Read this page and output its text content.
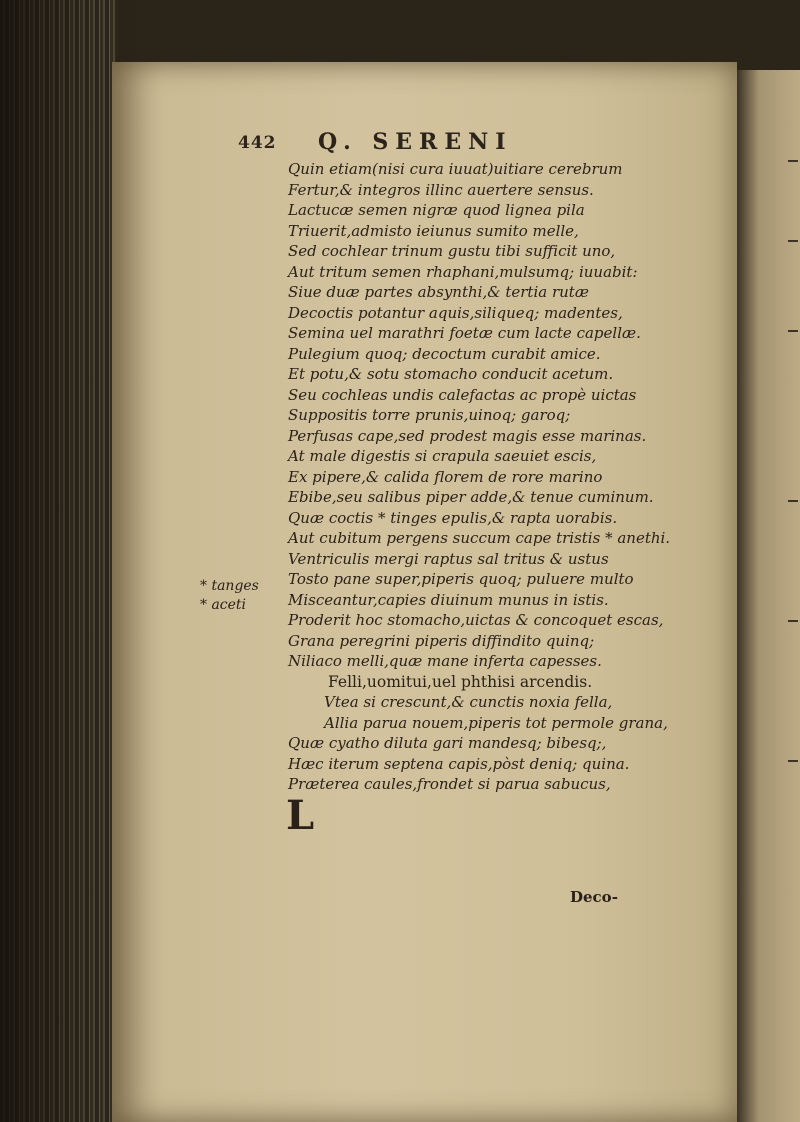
442 Q. SERENI
* tanges
* aceti
Quin etiam(nisi cura iuuat)uitiare cerebrum
Fertur,& integros illinc auertere sensus.
Lactucæ semen nigræ quod lignea pila
Triuerit,admisto ieiunus sumito melle,
Sed cochlear trinum gustu tibi sufficit uno,
Aut tritum semen rhaphani,mulsumq; iuuabit:
Siue duæ partes absynthi,& tertia rutæ
Decoctis potantur aquis,siliqueq; madentes,
Semina uel marathri foetæ cum lacte capellæ.
Pulegium quoq; decoctum curabit amice.
Et potu,& sotu stomacho conducit acetum.
Seu cochleas undis calefactas ac propè uictas
Suppositis torre prunis,uinoq; garoq;
Perfusas cape,sed prodest magis esse marinas.
At male digestis si crapula saeuiet escis,
Ex pipere,& calida florem de rore marino
Ebibe,seu salibus piper adde,& tenue cuminum.
Quæ coctis * tinges epulis,& rapta uorabis.
Aut cubitum pergens succum cape tristis * anethi.
Ventriculis mergi raptus sal tritus & ustus
Tosto pane super,piperis quoq; puluere multo
Misceantur,capies diuinum munus in istis.
Proderit hoc stomacho,uictas & concoquet escas,
Grana peregrini piperis diffindito quinq;
Niliaco melli,quæ mane inferta capesses.
Felli,uomitui,uel phthisi arcendis.
Vtea si crescunt,& cunctis noxia fella,
Allia parua nouem,piperis tot permole grana,
Quæ cyatho diluta gari mandesq; bibesq;,
Hæc iterum septena capis,pòst deniq; quina.
Præterea caules,frondet si parua sabucus,
L
Deco-
